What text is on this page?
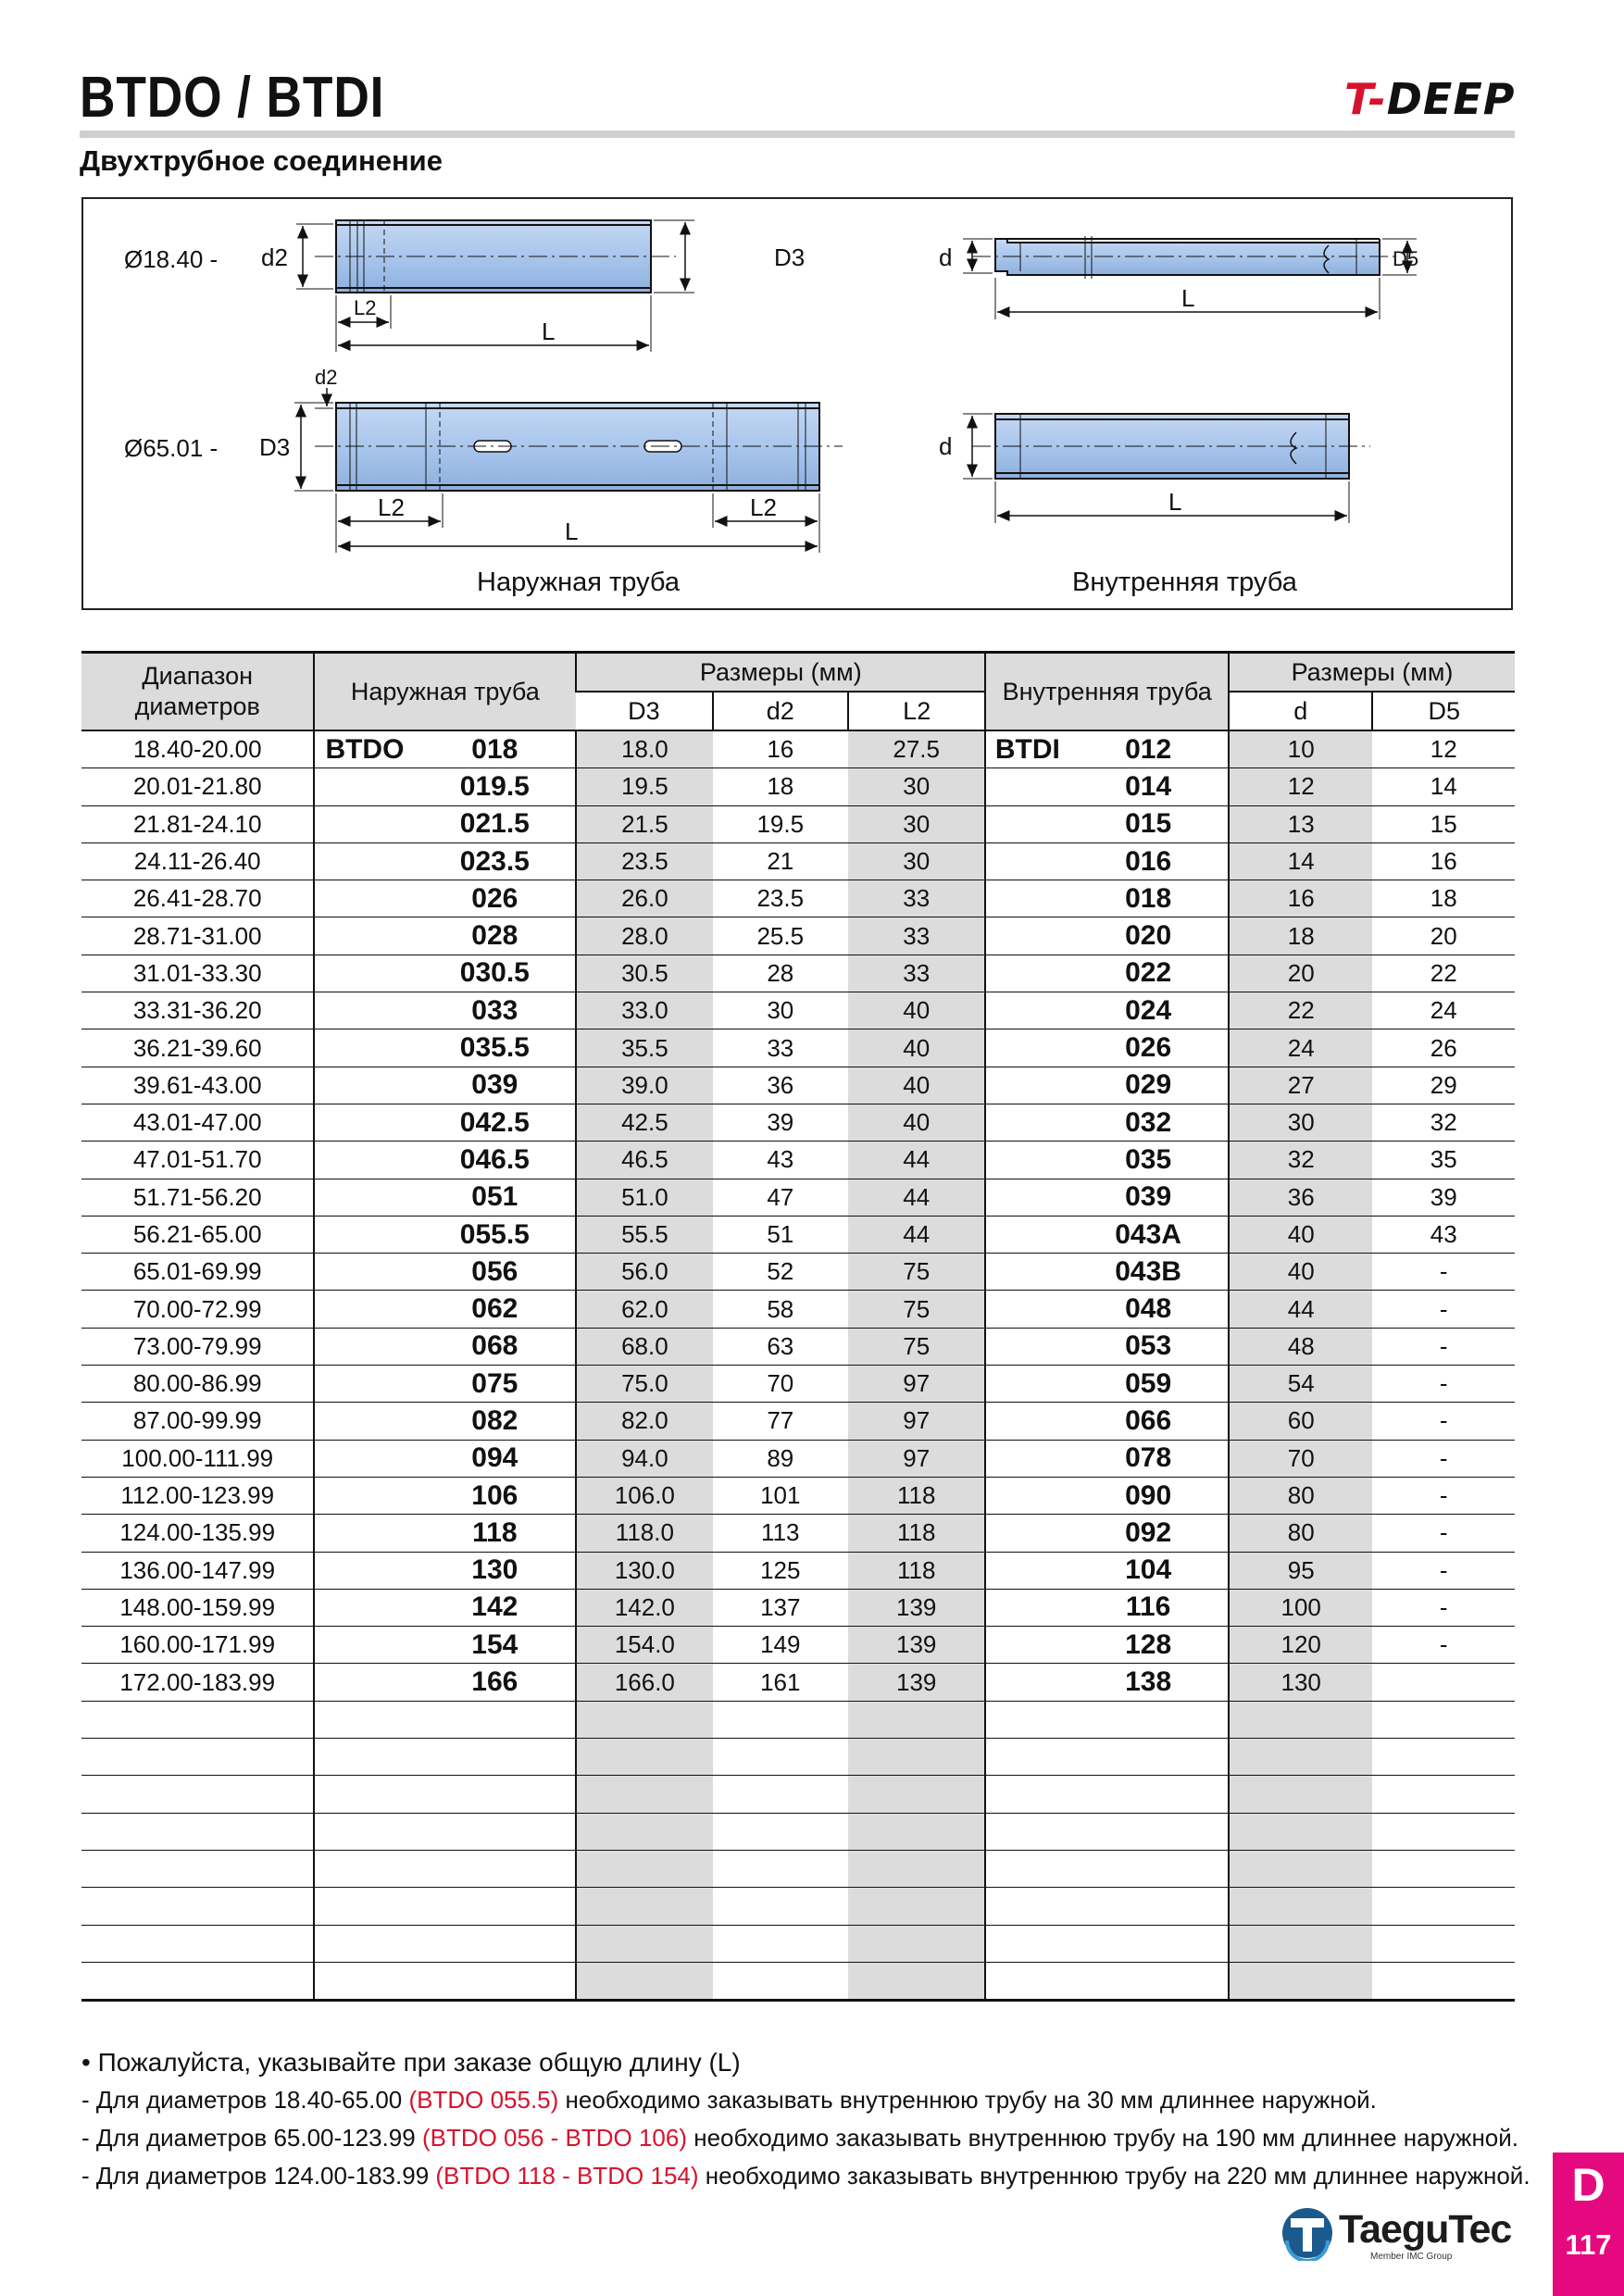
BTDO / BTDI	T-DEEP
Двухтрубное соединение
Ø18.40 - d2	D3
L2
L
Ø65.01 -
d2
D3
L2	L2
L
d	D5
L
d
L
Наружная труба	Внутренняя труба
Диапазон диаметров	Наружная труба		Размеры (мм)			Внутренняя труба		Размеры (мм)	
			D3	d2	L2			d	D5
18.40-20.00	BTDO	018	18.0	16	27.5	BTDI	012	10	12
20.01-21.80		019.5	19.5	18	30		014	12	14
21.81-24.10		021.5	21.5	19.5	30		015	13	15
24.11-26.40		023.5	23.5	21	30		016	14	16
26.41-28.70		026	26.0	23.5	33		018	16	18
28.71-31.00		028	28.0	25.5	33		020	18	20
31.01-33.30		030.5	30.5	28	33		022	20	22
33.31-36.20		033	33.0	30	40		024	22	24
36.21-39.60		035.5	35.5	33	40		026	24	26
39.61-43.00		039	39.0	36	40		029	27	29
43.01-47.00		042.5	42.5	39	40		032	30	32
47.01-51.70		046.5	46.5	43	44		035	32	35
51.71-56.20		051	51.0	47	44		039	36	39
56.21-65.00		055.5	55.5	51	44		043A	40	43
65.01-69.99		056	56.0	52	75		043B	40	-
70.00-72.99		062	62.0	58	75		048	44	-
73.00-79.99		068	68.0	63	75		053	48	-
80.00-86.99		075	75.0	70	97		059	54	-
87.00-99.99		082	82.0	77	97		066	60	-
100.00-111.99		094	94.0	89	97		078	70	-
112.00-123.99		106	106.0	101	118		090	80	-
124.00-135.99		118	118.0	113	118		092	80	-
136.00-147.99		130	130.0	125	118		104	95	-
148.00-159.99		142	142.0	137	139		116	100	-
160.00-171.99		154	154.0	149	139		128	120	-
172.00-183.99		166	166.0	161	139		138	130	

• Пожалуйста, указывайте при заказе общую длину (L)
- Для диаметров 18.40-65.00 (BTDO 055.5) необходимо заказывать внутреннюю трубу на 30 мм длиннее наружной.
- Для диаметров 65.00-123.99 (BTDO 056 - BTDO 106) необходимо заказывать внутреннюю трубу на 190 мм длиннее наружной.
- Для диаметров 124.00-183.99 (BTDO 118 - BTDO 154) необходимо заказывать внутреннюю трубу на 220 мм длиннее наружной.
TaeguTec
Member IMC Group
D
117
